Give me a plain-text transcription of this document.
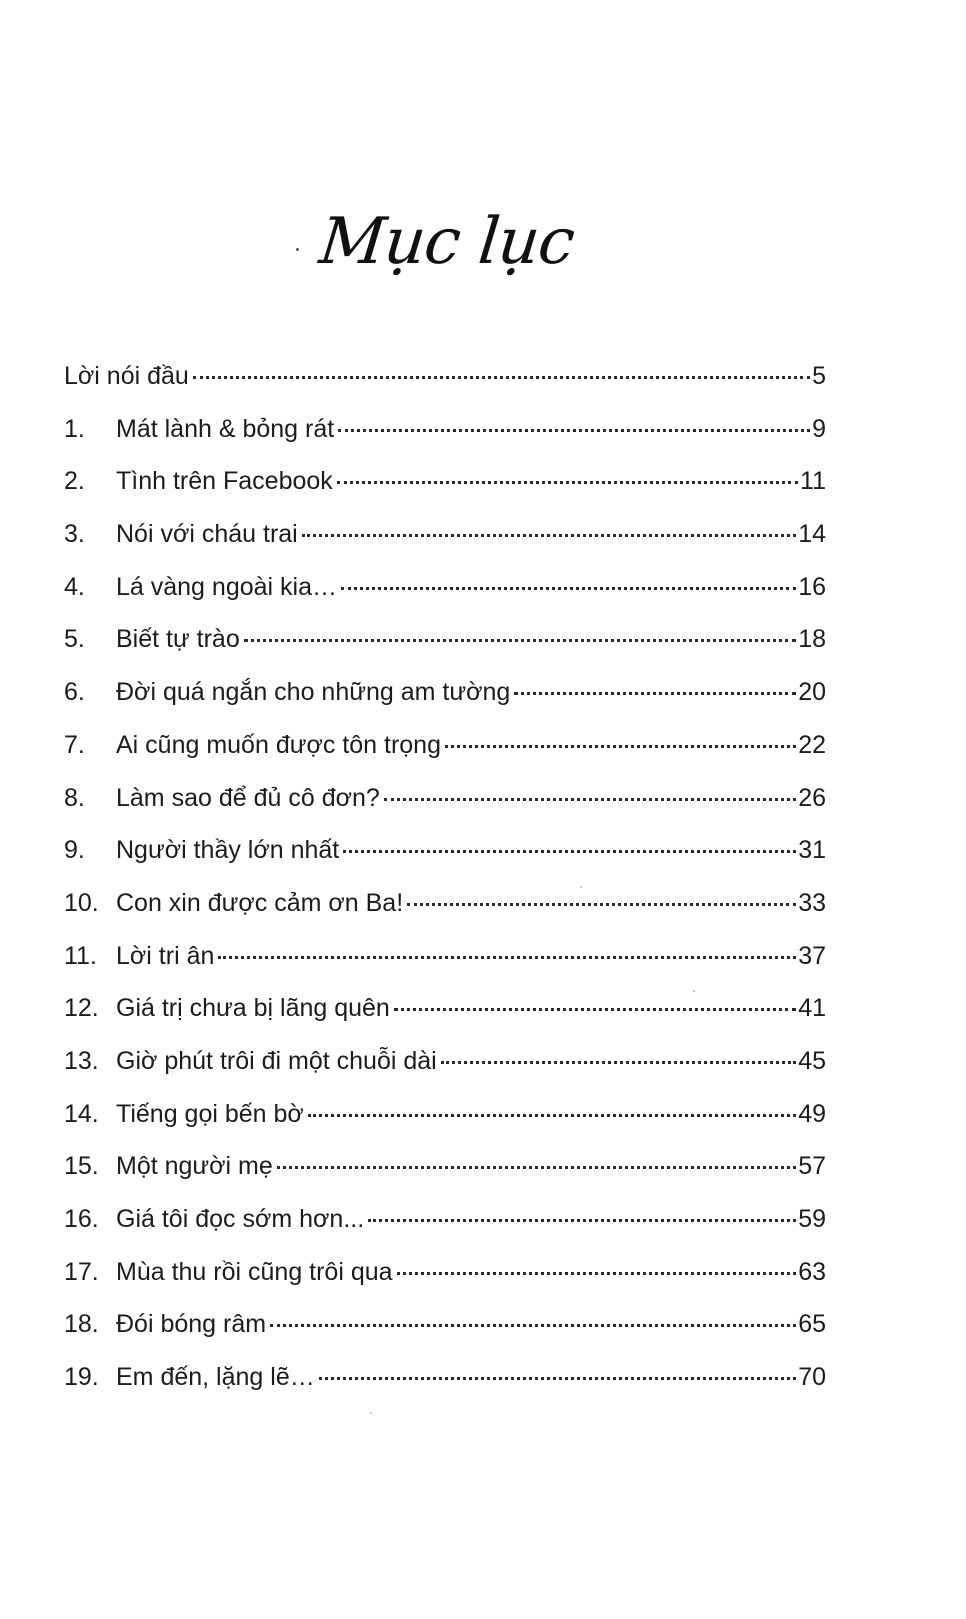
Mục lục
Lời nói đầu	5
1.	Mát lành & bỏng rát	9
2.	Tình trên Facebook	11
3.	Nói với cháu trai	14
4.	Lá vàng ngoài kia…	16
5.	Biết tự trào	18
6.	Đời quá ngắn cho những am tường	20
7.	Ai cũng muốn được tôn trọng	22
8.	Làm sao để đủ cô đơn?	26
9.	Người thầy lớn nhất	31
10. Con xin được cảm ơn Ba!	33
11. Lời tri ân	37
12. Giá trị chưa bị lãng quên	41
13. Giờ phút trôi đi một chuỗi dài	45
14. Tiếng gọi bến bờ	49
15. Một người mẹ	57
16. Giá tôi đọc sớm hơn...	59
17. Mùa thu rồi cũng trôi qua	63
18. Đói bóng râm	65
19. Em đến, lặng lẽ…	70
